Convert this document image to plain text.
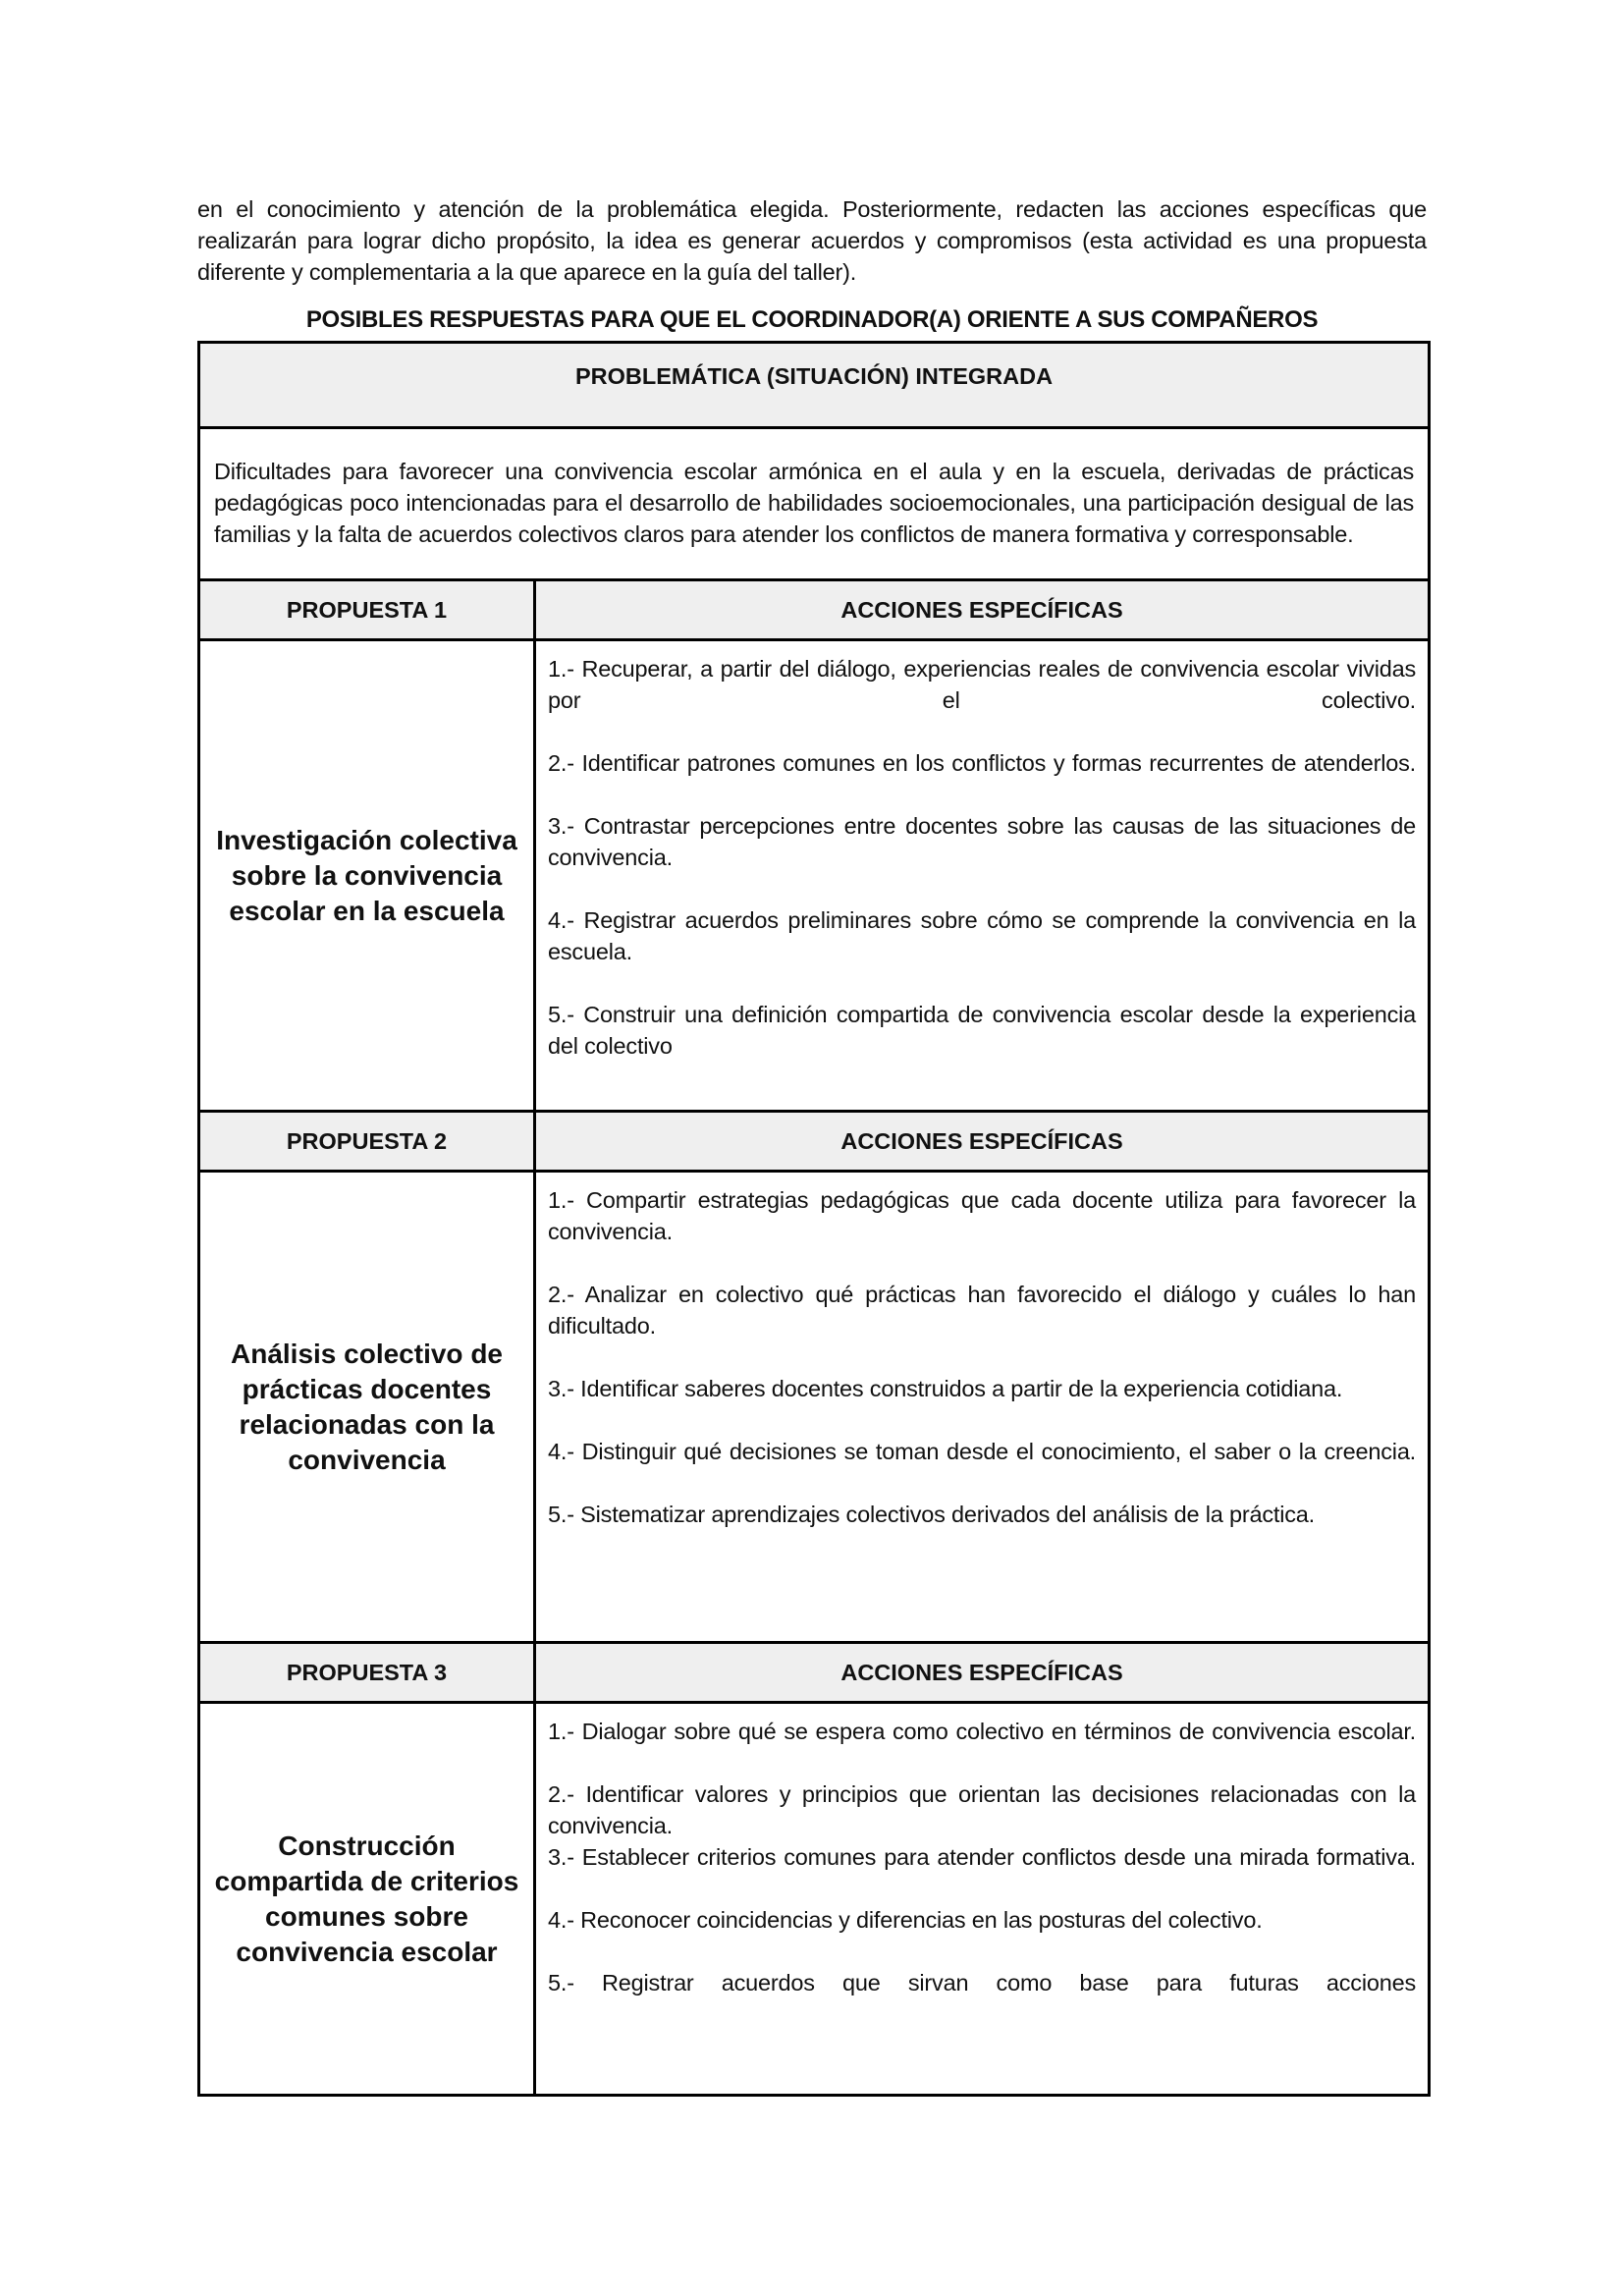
en el conocimiento y atención de la problemática elegida. Posteriormente, redacten las acciones específicas que realizarán para lograr dicho propósito, la idea es generar acuerdos y compromisos (esta actividad es una propuesta diferente y complementaria a la que aparece en la guía del taller).

POSIBLES RESPUESTAS PARA QUE EL COORDINADOR(A) ORIENTE A SUS COMPAÑEROS
PROBLEMÁTICA (SITUACIÓN) INTEGRADA	

Dificultades para favorecer una convivencia escolar armónica en el aula y en la escuela, derivadas de prácticas pedagógicas poco intencionadas para el desarrollo de habilidades socioemocionales, una participación desigual de las familias y la falta de acuerdos colectivos claros para atender los conflictos de manera formativa y corresponsable.	
PROPUESTA 1	ACCIONES ESPECÍFICAS
Investigación colectiva sobre la convivencia escolar en la escuela	1.- Recuperar, a partir del diálogo, experiencias reales de convivencia escolar vividas por el colectivo.
2.- Identificar patrones comunes en los conflictos y formas recurrentes de atenderlos.
3.- Contrastar percepciones entre docentes sobre las causas de las situaciones de convivencia.
4.- Registrar acuerdos preliminares sobre cómo se comprende la convivencia en la escuela.
5.- Construir una definición compartida de convivencia escolar desde la experiencia del colectivo

PROPUESTA 2	ACCIONES ESPECÍFICAS
Análisis colectivo de prácticas docentes relacionadas con la convivencia	1.- Compartir estrategias pedagógicas que cada docente utiliza para favorecer la convivencia.
2.- Analizar en colectivo qué prácticas han favorecido el diálogo y cuáles lo han dificultado.
3.- Identificar saberes docentes construidos a partir de la experiencia cotidiana.
4.- Distinguir qué decisiones se toman desde el conocimiento, el saber o la creencia.
5.- Sistematizar aprendizajes colectivos derivados del análisis de la práctica.

PROPUESTA 3	ACCIONES ESPECÍFICAS
Construcción compartida de criterios comunes sobre convivencia escolar	1.- Dialogar sobre qué se espera como colectivo en términos de convivencia escolar.
2.- Identificar valores y principios que orientan las decisiones relacionadas con la convivencia.
3.- Establecer criterios comunes para atender conflictos desde una mirada formativa.
4.- Reconocer coincidencias y diferencias en las posturas del colectivo.
5.- Registrar acuerdos que sirvan como base para futuras acciones
